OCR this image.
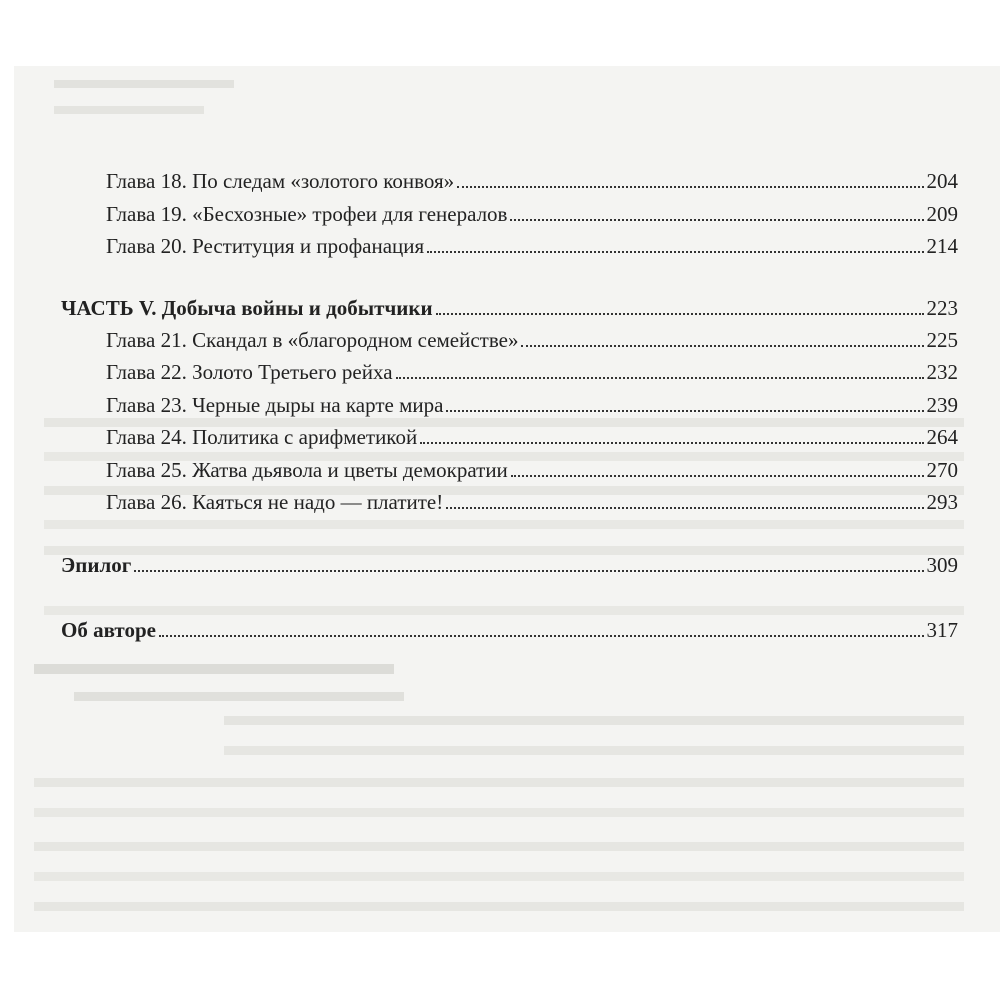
Глава 18. По следам «золотого конвоя»	204
Глава 19. «Бесхозные» трофеи для генералов	209
Глава 20. Реституция и профанация	214
ЧАСТЬ V. Добыча войны и добытчики	223
Глава 21. Скандал в «благородном семействе»	225
Глава 22. Золото Третьего рейха	232
Глава 23. Черные дыры на карте мира	239
Глава 24. Политика с арифметикой	264
Глава 25. Жатва дьявола и цветы демократии	270
Глава 26. Каяться не надо — платите!	293
Эпилог	309
Об авторе	317
